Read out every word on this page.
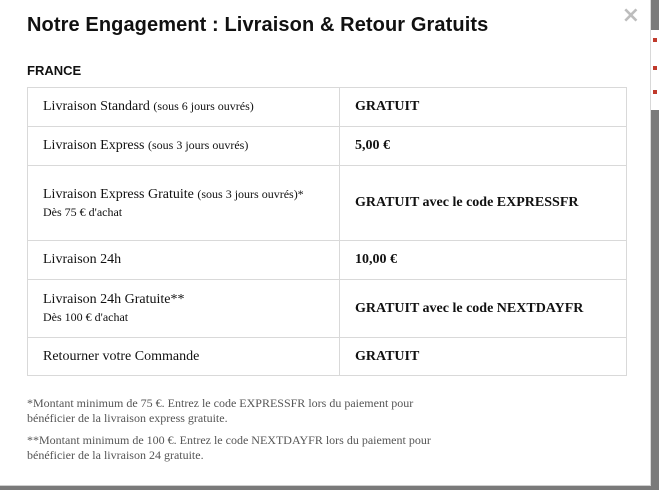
×
Notre Engagement : Livraison & Retour Gratuits
FRANCE
Livraison Standard (sous 6 jours ouvrés)	GRATUIT
Livraison Express (sous 3 jours ouvrés)	5,00 €
Livraison Express Gratuite (sous 3 jours ouvrés)*
Dès 75 € d'achat	GRATUIT avec le code EXPRESSFR
Livraison 24h	10,00 €
Livraison 24h Gratuite**
Dès 100 € d'achat	GRATUIT avec le code NEXTDAYFR
Retourner votre Commande	GRATUIT

*Montant minimum de 75 €. Entrez le code EXPRESSFR lors du paiement pour bénéficier de la livraison express gratuite.

**Montant minimum de 100 €. Entrez le code NEXTDAYFR lors du paiement pour bénéficier de la livraison 24 gratuite.
